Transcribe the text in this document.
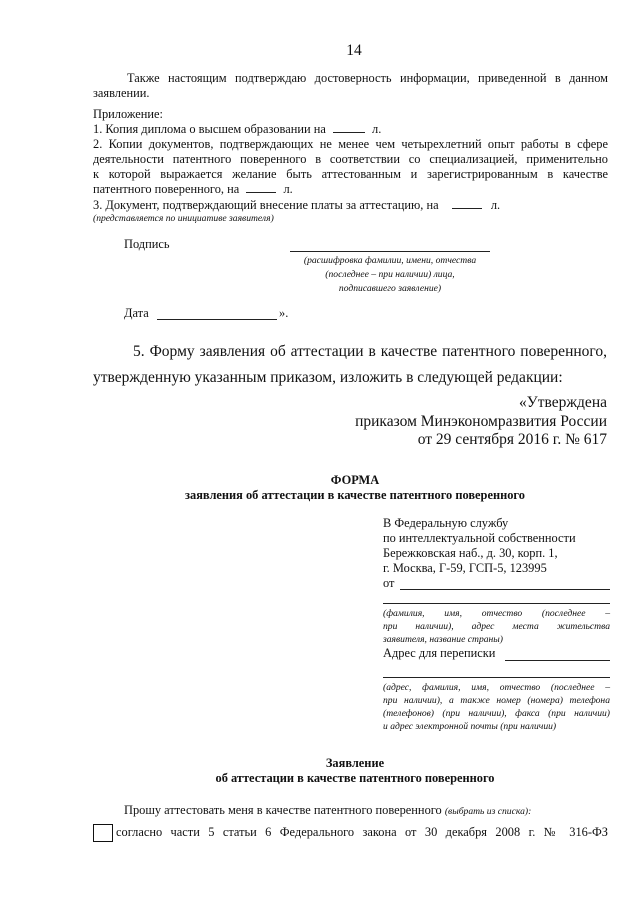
14
Также настоящим подтверждаю достоверность информации, приведенной в данном
заявлении.
Приложение:
1. Копия диплома о высшем образовании на	л.
2. Копии документов, подтверждающих не менее чем четырехлетний опыт работы в сфере
деятельности патентного поверенного в соответствии со специализацией, применительно
к которой выражается желание быть аттестованным и зарегистрированным в качестве
патентного поверенного, на	л.
3. Документ, подтверждающий внесение платы за аттестацию, на	л.
(представляется по инициативе заявителя)
Подпись
(расшифровка фамилии, имени, отчества
(последнее – при наличии) лица,
подписавшего заявление)
Дата	».
5. Форму заявления об аттестации в качестве патентного поверенного,
утвержденную указанным приказом, изложить в следующей редакции:
«Утверждена
приказом Минэкономразвития России
от 29 сентября 2016 г. № 617
ФОРМА
заявления об аттестации в качестве патентного поверенного
В Федеральную службу
по интеллектуальной собственности
Бережковская наб., д. 30, корп. 1,
г. Москва, Г-59, ГСП-5, 123995
от
(фамилия, имя, отчество (последнее –
при наличии), адрес места жительства
заявителя, название страны)
Адрес для переписки
(адрес, фамилия, имя, отчество (последнее –
при наличии), а также номер (номера) телефона
(телефонов) (при наличии), факса (при наличии)
и адрес электронной почты (при наличии)
Заявление
об аттестации в качестве патентного поверенного
Прошу аттестовать меня в качестве патентного поверенного (выбрать из списка):
согласно части 5 статьи 6 Федерального закона от 30 декабря 2008 г. № 316-ФЗ
